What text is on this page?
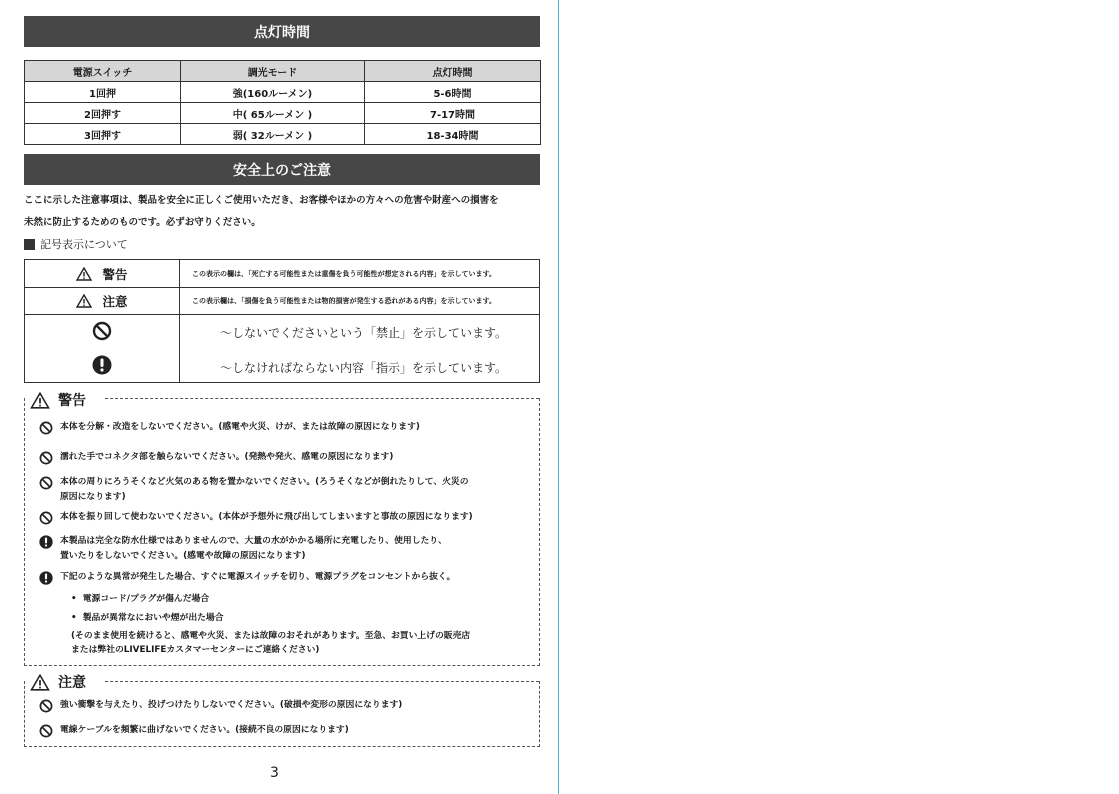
点灯時間
電源スイッチ	調光モード	点灯時間
1回押	強(160ルーメン)	5-6時間
2回押す	中( 65ルーメン )	7-17時間
3回押す	弱( 32ルーメン )	18-34時間
安全上のご注意
ここに示した注意事項は、製品を安全に正しくご使用いただき、お客様やほかの方々への危害や財産への損害を
未然に防止するためのものです。必ずお守りください。
記号表示について
警告	この表示の欄は、「死亡する可能性または重傷を負う可能性が想定される内容」を示しています。
注意	この表示欄は、「損傷を負う可能性または物的損害が発生する恐れがある内容」を示しています。
～しないでくださいという「禁止」を示しています。
～しなければならない内容「指示」を示しています。
警告
本体を分解・改造をしないでください。(感電や火災、けが、または故障の原因になります)
濡れた手でコネクタ部を触らないでください。(発熱や発火、感電の原因になります)
本体の周りにろうそくなど火気のある物を置かないでください。(ろうそくなどが倒れたりして、火災の
原因になります)
本体を振り回して使わないでください。(本体が予想外に飛び出してしまいますと事故の原因になります)
本製品は完全な防水仕様ではありませんので、大量の水がかかる場所に充電したり、使用したり、
置いたりをしないでください。(感電や故障の原因になります)
下記のような異常が発生した場合、すぐに電源スイッチを切り、電源プラグをコンセントから抜く。
•  電源コード/プラグが傷んだ場合
•  製品が異常なにおいや煙が出た場合
(そのまま使用を続けると、感電や火災、または故障のおそれがあります。至急、お買い上げの販売店
または弊社のLIVELIFEカスタマーセンターにご連絡ください)
注意
強い衝撃を与えたり、投げつけたりしないでください。(破損や変形の原因になります)
電線ケーブルを頻繁に曲げないでください。(接続不良の原因になります)
3
